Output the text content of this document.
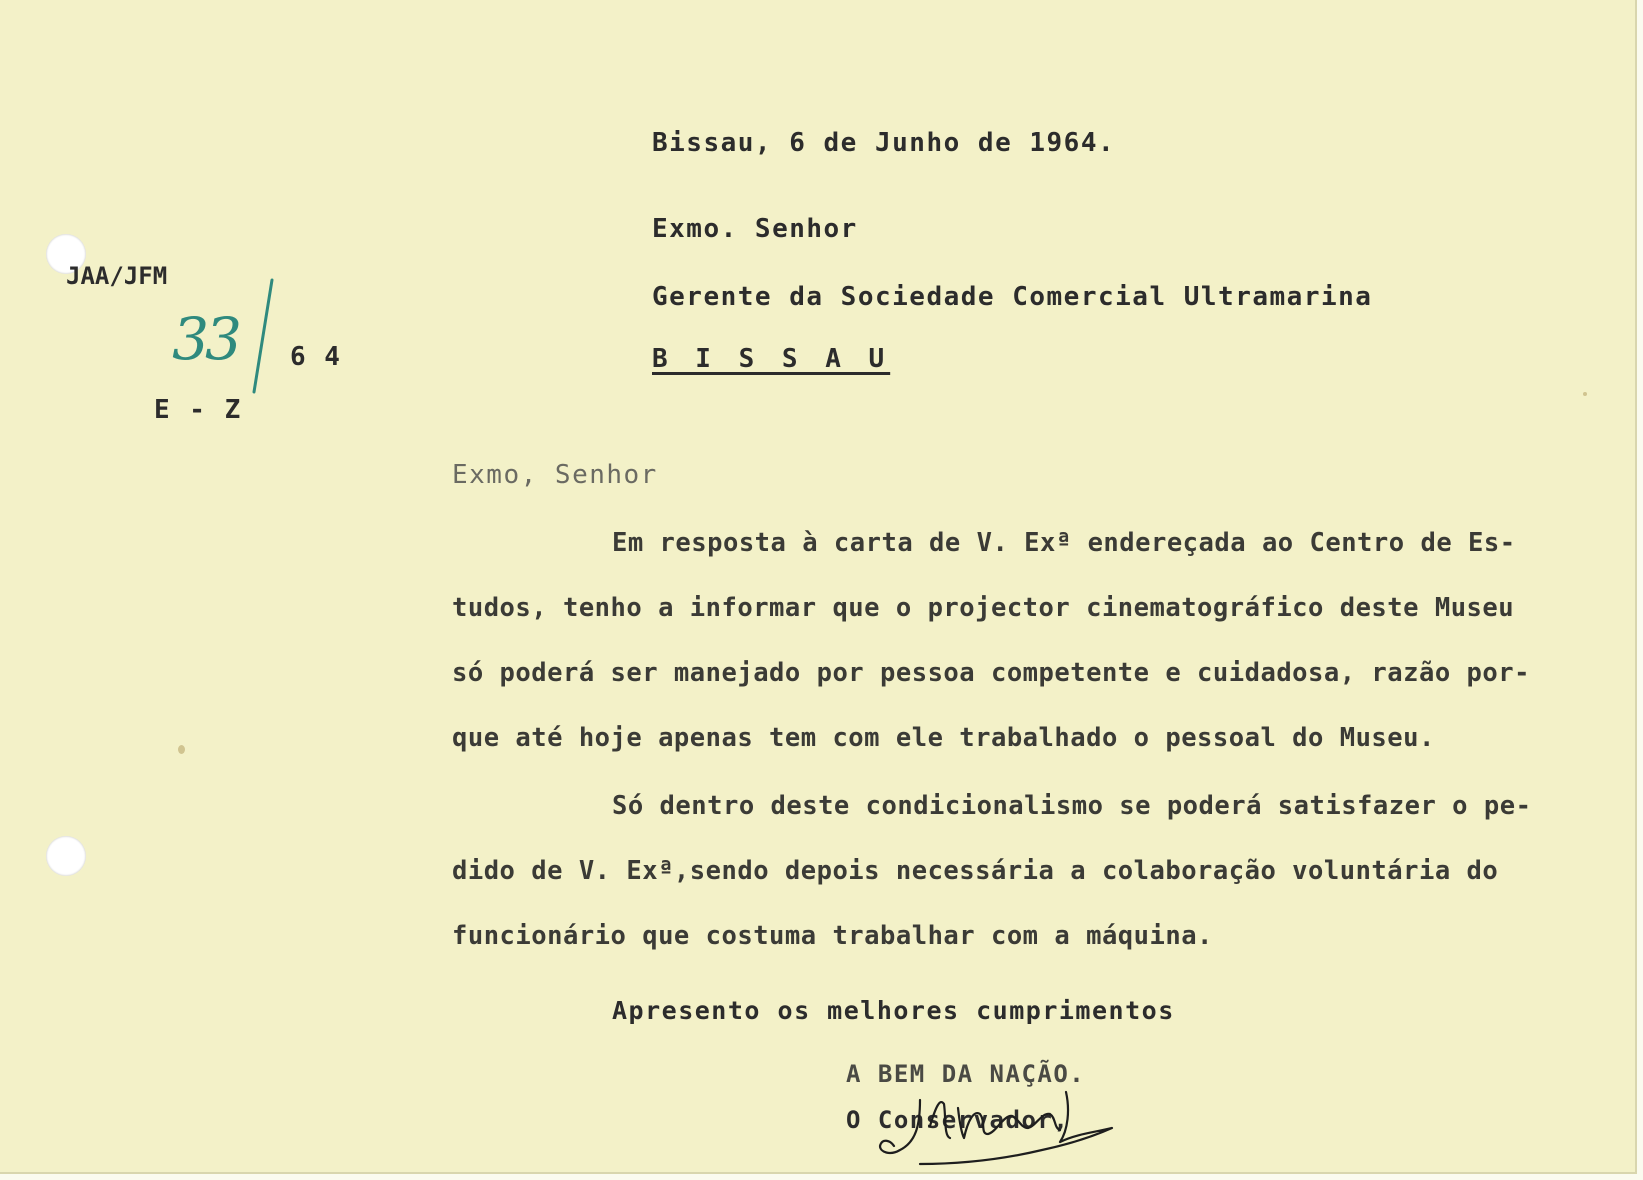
Bissau, 6 de Junho de 1964.
Exmo. Senhor
Gerente da Sociedade Comercial Ultramarina
B I S S A U
JAA/JFM
33 6 4
E - Z
Exmo, Senhor
Em resposta à carta de V. Exª endereçada ao Centro de Es-
tudos, tenho a informar que o projector cinematográfico deste Museu
só poderá ser manejado por pessoa competente e cuidadosa, razão por-
que até hoje apenas tem com ele trabalhado o pessoal do Museu.
Só dentro deste condicionalismo se poderá satisfazer o pe-
dido de V. Exª,sendo depois necessária a colaboração voluntária do
funcionário que costuma trabalhar com a máquina.
Apresento os melhores cumprimentos
A BEM DA NAÇÃO.
O Conservador,
